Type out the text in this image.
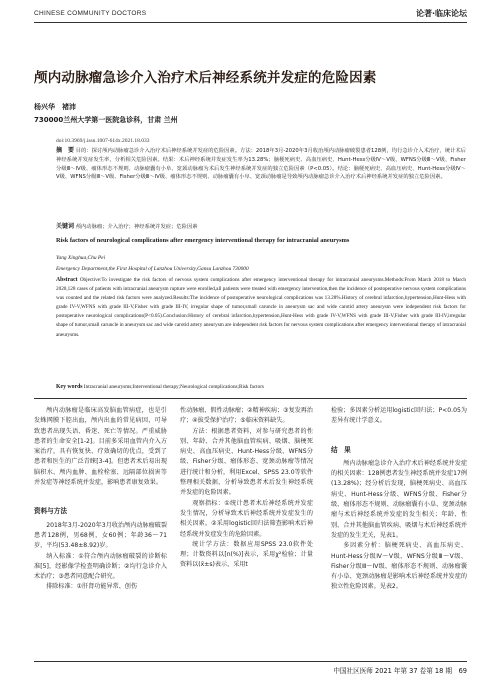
CHINESE COMMUNITY DOCTORS	论著·临床论坛
颅内动脉瘤急诊介入治疗术后神经系统并发症的危险因素
杨兴华　褚沛
730000兰州大学第一医院急诊科，甘肃 兰州
doi:10.3969/j.issn.1007-614x.2021.18.033
摘　要 目的：探讨颅内动脉瘤急诊介入治疗术后神经系统并发症的危险因素。方法：2018年3月-2020年3月收治颅内动脉瘤破裂患者128例，均行急诊介入术治疗，统计术后神经系统并发症发生率，分析相关危险因素。结果：术后神经系统并发症发生率为13.28%；脑梗死病史、高血压病史、Hunt-Hess分级Ⅳ～Ⅴ级、WFNS分级Ⅲ～Ⅴ级、Fisher分级Ⅲ～Ⅳ级、瘤体形态不规则、动脉瘤囊有小阜、宽颈动脉瘤为术后发生神经系统并发症的独立危险因素（P<0.05）。结论：脑梗死病史、高血压病史、Hunt-Hess分级Ⅳ～Ⅴ级、WFNS分级Ⅲ～Ⅴ级、Fisher分级Ⅲ～Ⅳ级、瘤体形态不规则、动脉瘤囊有小阜、宽颈动脉瘤是导致颅内动脉瘤急诊介入治疗术后神经系统并发症的独立危险因素。
关键词 颅内动脉瘤；介入治疗；神经系统并发症；危险因素
Risk factors of neurological complications after emergency interventional therapy for intracranial aneurysms
Yang Xinghua,Chu Pei
Emergency Department,the First Hospital of Lanzhou University,Gansu Lanzhou 730000
Abstract Objective:To investigate the risk factors of nervous system complications after emergency interventional therapy for intracranial aneurysms.Methods:From March 2018 to March 2020,128 cases of patients with intracranial aneurysm rupture were enrolled,all patients were treated with emergency intervention,then the incidence of postoperative nervous system complications was counted and the related risk factors were analyzed.Results:The incidence of postoperative neurological complications was 13.28%.History of cerebral infarction,hypertension,Hunt-Hess with grade IV-V,WFNS with grade III-V,Fisher with grade III-IV, irregular shape of tumor,small caruncle in aneurysm sac and wide carotid artery aneurysm were independent risk factors for postoperative neurological complications(P<0.05).Conclusion:History of cerebral infarction,hypertension,Hunt-Hess with grade IV-V,WFNS with grade III-V,Fisher with grade III-IV,irregular shape of tumor,small caruncle in aneurysm sac and wide carotid artery aneurysm are independent risk factors for nervous system complications after emergency interventional therapy of intracranial aneurysms.
Key words Intracranial aneurysms;Interventional therapy;Neurological complications;Risk factors

颅内动脉瘤是临床高发脑血管病症，也是引发蛛网膜下腔出血，颅内出血的常见病因，可导致患者出现失语、昏迷、死亡等情况。严重威胁患者的生命安全[1-2]。目前多采用血管内介入方案治疗，具有恢复快、疗效确切的优点，受到了患者和医生的广泛青睐[3-4]。但患者术后易出现脑积水、颅内血肿、血栓栓塞、远隔部位损害等并发症等神经系统并发症，影响患者康复效果。

资料与方法

2018年3月-2020年3月收治颅内动脉瘤破裂患者128例，男68例，女60例；年龄36～71岁，平均(53.48±8.92)岁。

纳入标准：①符合颅内动脉瘤破裂的诊断标准[5]，经影像学检查明确诊断；②均行急诊介入术治疗；③患者同意配合研究。

排除标准：①肝肾功能异常、创伤

性动脉瘤、假性动脉瘤；②精神疾病；③复发再治疗；④拔受保护治疗；⑤临床资料缺失。

方法：根据患者资料，对参与研究患者的性别、年龄、合并其他脑血管疾病、吸烟、脑梗死病史、高血压病史、Hunt-Hess分级、WFNS分级、Fisher分级、瘤体形态、宽颈动脉瘤等情况进行统计和分析，利用Excel、SPSS 23.0等软件整理相关数据，分析导致患者术后发生神经系统并发症的危险因素。

观察指标：①统计患者术后神经系统并发症发生情况，分析导致术后神经系统并发症发生的相关因素。②采用logistic回归法筛查影响术后神经系统并发症发生的危险因素。

统计学方法：数据应用SPSS 23.0软件处理；计数资料以[n(%)]表示，采用χ²检验；计量资料以(x̄±s)表示，采用t

检验；多因素分析运用logistic回归法；P<0.05为差异有统计学意义。

结　果

颅内动脉瘤急诊介入治疗术后神经系统并发症的相关因素：128例患者发生神经系统并发症17例(13.28%)；经分析后发现，脑梗死病史、高血压病史、Hunt-Hess分级、WFNS分级、Fisher分级、瘤体形态不规则、动脉瘤囊有小阜、宽颈动脉瘤与术后神经系统并发症的发生相关；年龄、性别、合并其他脑血管疾病、吸烟与术后神经系统并发症的发生无关，见表1。

多因素分析：脑梗死病史、高血压病史、Hunt-Hess分级Ⅳ～Ⅴ级、WFNS分级Ⅲ～Ⅴ级、Fisher分级Ⅲ～Ⅳ级、瘤体形态不规则、动脉瘤囊有小阜、宽颈动脉瘤是影响术后神经系统并发症的独立性危险因素。见表2。

中国社区医师 2021 年第 37 卷第 18 期　69
